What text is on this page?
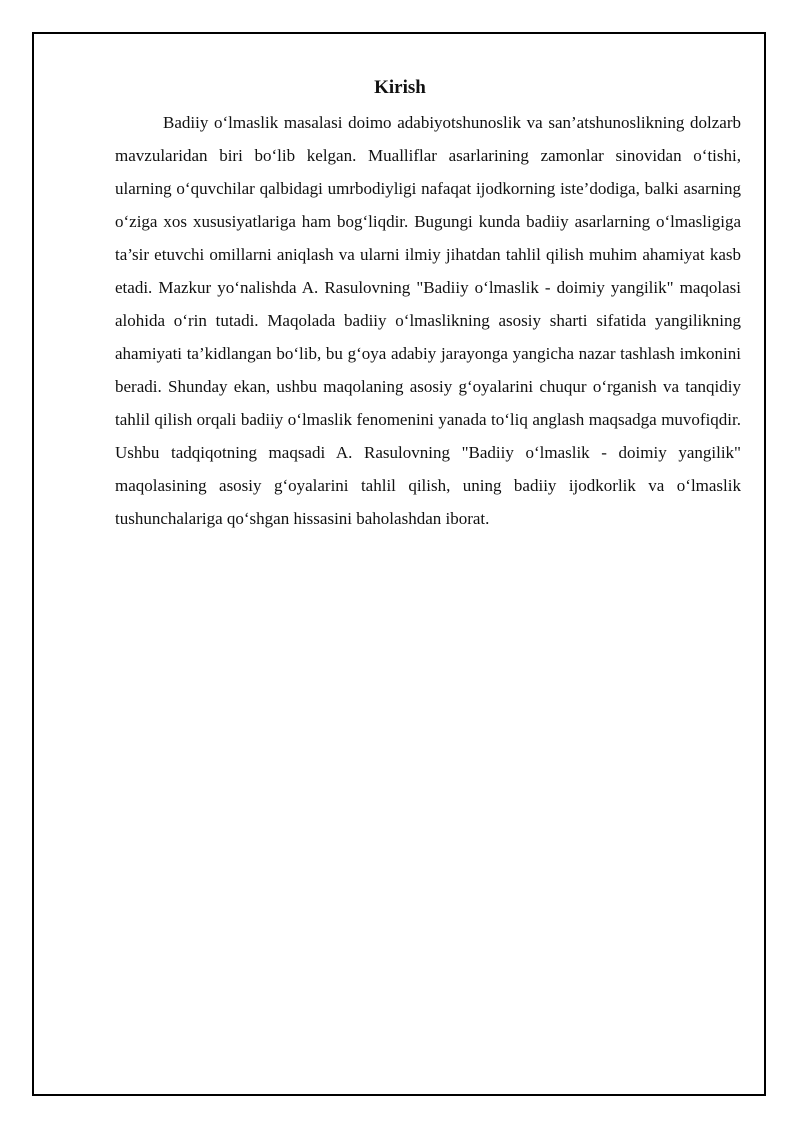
Kirish

Badiiy o‘lmaslik masalasi doimo adabiyotshunoslik va san’atshunoslikning dolzarb mavzularidan biri bo‘lib kelgan. Mualliflar asarlarining zamonlar sinovidan o‘tishi, ularning o‘quvchilar qalbidagi umrbodiyligi nafaqat ijodkorning iste’dodiga, balki asarning o‘ziga xos xususiyatlariga ham bog‘liqdir. Bugungi kunda badiiy asarlarning o‘lmasligiga ta’sir etuvchi omillarni aniqlash va ularni ilmiy jihatdan tahlil qilish muhim ahamiyat kasb etadi. Mazkur yo‘nalishda A. Rasulovning "Badiiy o‘lmaslik - doimiy yangilik" maqolasi alohida o‘rin tutadi. Maqolada badiiy o‘lmaslikning asosiy sharti sifatida yangilikning ahamiyati ta’kidlangan bo‘lib, bu g‘oya adabiy jarayonga yangicha nazar tashlash imkonini beradi. Shunday ekan, ushbu maqolaning asosiy g‘oyalarini chuqur o‘rganish va tanqidiy tahlil qilish orqali badiiy o‘lmaslik fenomenini yanada to‘liq anglash maqsadga muvofiqdir. Ushbu tadqiqotning maqsadi A. Rasulovning "Badiiy o‘lmaslik - doimiy yangilik" maqolasining asosiy g‘oyalarini tahlil qilish, uning badiiy ijodkorlik va o‘lmaslik tushunchalariga qo‘shgan hissasini baholashdan iborat.
